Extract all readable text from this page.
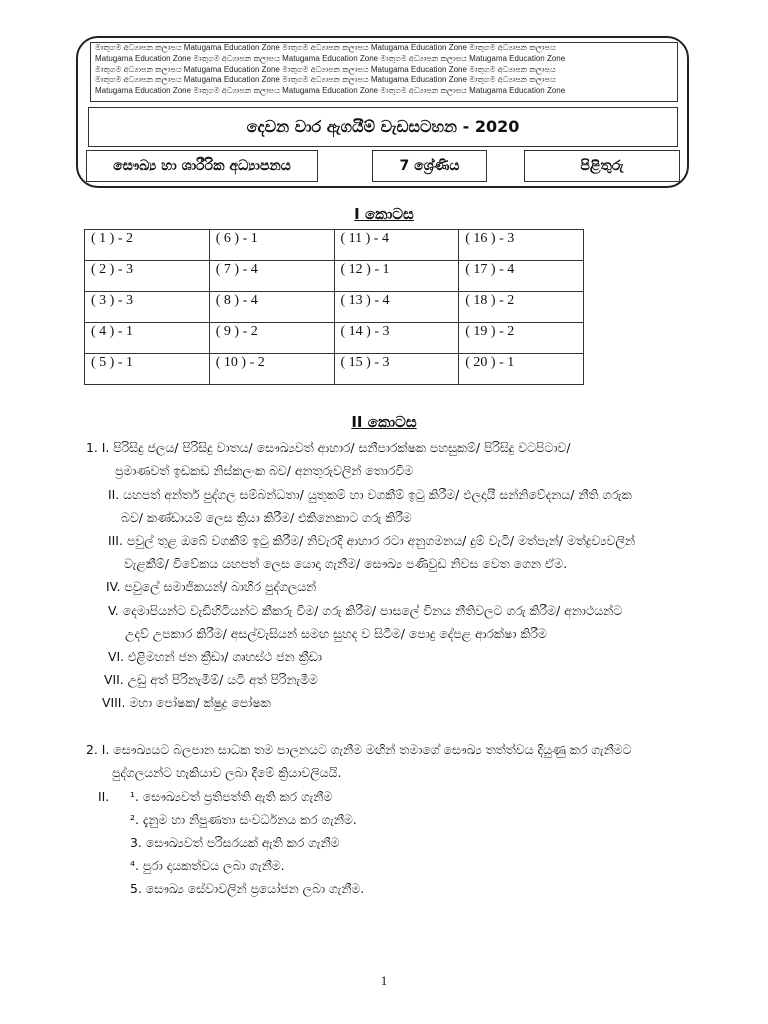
මාතුගම අධ්‍යාපන කලාපය Matugama Education Zone මාතුගම අධ්‍යාපන කලාපය Matugama Education Zone මාතුගම අධ්‍යාපන කලාපය
Matugama Education Zone මාතුගම අධ්‍යාපන කලාපය Matugama Education Zone මාතුගම අධ්‍යාපන කලාපය Matugama Education Zone
මාතුගම අධ්‍යාපන කලාපය Matugama Education Zone මාතුගම අධ්‍යාපන කලාපය Matugama Education Zone මාතුගම අධ්‍යාපන කලාපය
මාතුගම අධ්‍යාපන කලාපය Matugama Education Zone මාතුගම අධ්‍යාපන කලාපය Matugama Education Zone මාතුගම අධ්‍යාපන කලාපය
Matugama Education Zone මාතුගම අධ්‍යාපන කලාපය Matugama Education Zone මාතුගම අධ්‍යාපන කලාපය Matugama Education Zone
දෙවන වාර ඇගයීම් වැඩසටහන - 2020
සෞඛ්‍ය හා ශාරීරික අධ්‍යාපනය	7 ශ්‍රේණිය	පිළිතුරු
I කොටස
( 1 ) - 2	( 6 ) - 1	( 11 ) - 4	( 16 ) - 3
( 2 ) - 3	( 7 ) - 4	( 12 ) - 1	( 17 ) - 4
( 3 ) - 3	( 8 ) - 4	( 13 ) - 4	( 18 ) - 2
( 4 ) - 1	( 9 ) - 2	( 14 ) - 3	( 19 ) - 2
( 5 ) - 1	( 10 ) - 2	( 15 ) - 3	( 20 ) - 1
II කොටස
1. I. පිරිසිදු ජලය/ පිරිසිදු වාතය/ සෞඛ්‍යවත් ආහාර/ සනීපාරක්ෂක පහසුකම්/ පිරිසිදු වටපිටාව/
ප්‍රමාණවත් ඉඩකඩ නිස්කලංක බව/ අනතුරුවලින් තොරවීම
II. යහපත් අන්තර් පුද්ගල සම්බන්ධතා/ යුතුකම් හා වගකීම් ඉටු කිරීම/ ඵලදායී සන්නිවේදනය/ නීති ගරුක
බව/ කණ්ඩායම් ලෙස ක්‍රියා කිරීම/ එකිනෙකාට ගරු කිරීම
III. පවුල් තුළ ඔබේ වගකීම් ඉටු කිරීම/ නිවැරදි ආහාර රටා අනුගමනය/ දුම් වැටි/ මත්පැන්/ මත්ද්‍රව්‍යවලින්
වැළකීම්/ විවේකය යහපත් ලෙස යොදා ගැනීම/ සෞඛ්‍ය පණිවුඩ නිවස වෙත ගෙන ඒම.
IV. පවුලේ සමාජිකයන්/ බාහිර පුද්ගලයන්
V. දෙමාපියන්ට වැඩිහිටියන්ට කීකරු වීම/ ගරු කිරීම/ පාසලේ විනය නීතිවලට ගරු කිරීම/ අනාථයන්ට
උදව් උපකාර කිරීම/ අසල්වැසියන් සමඟ සුහද ව සිටීම/ පොදු දේපළ ආරක්ෂා කිරීම
VI. එළිමහන් ජන ක්‍රීඩා/ ගෘහස්ථ ජන ක්‍රීඩා
VII. උඩු අත් පිරිනැමීම්/ යටි අත් පිරිනැමීම
VIII. මහා පෝෂක/ ක්ෂුද්‍ර පෝෂක
2. I. සෞඛ්‍යයට බලපාන සාධක තම පාලනයට ගැනීම මඟින් තමාගේ සෞඛ්‍ය තත්ත්වය දියුණු කර ගැනීමට
පුද්ගලයන්ට හැකියාව ලබා දීමේ ක්‍රියාවලියයි.
II. ¹. සෞඛ්‍යවත් ප්‍රතිපත්ති ඇති කර ගැනීම
². දැනුම හා නිපුණතා සංවර්ධනය කර ගැනීම.
3. සෞඛ්‍යවත් පරිසරයක් ඇති කර ගැනීම
⁴. පුරා දායකත්වය ලබා ගැනීම.
5. සෞඛ්‍ය සේවාවලින් ප්‍රයෝජන ලබා ගැනීම.
1
